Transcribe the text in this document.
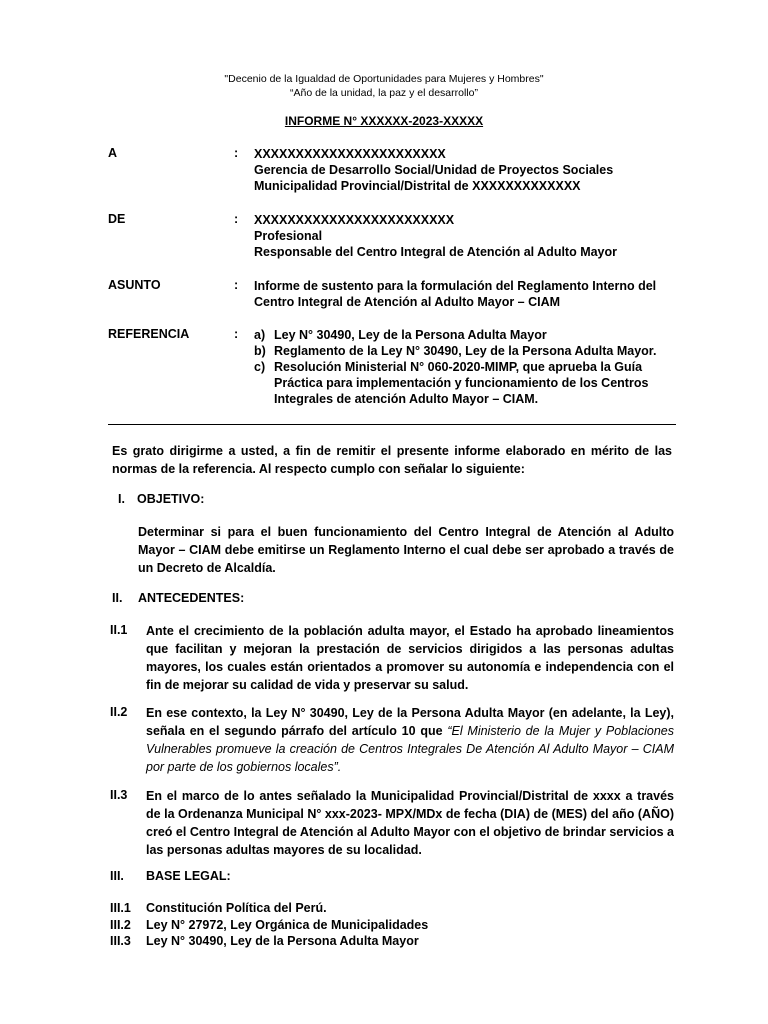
"Decenio de la Igualdad de Oportunidades para Mujeres y Hombres"
“Año de la unidad, la paz y el desarrollo”
INFORME N° XXXXXX-2023-XXXXX
A	: XXXXXXXXXXXXXXXXXXXXXXX
Gerencia de Desarrollo Social/Unidad de Proyectos Sociales
Municipalidad Provincial/Distrital de XXXXXXXXXXXXX
DE	: XXXXXXXXXXXXXXXXXXXXXXXX
Profesional
Responsable del Centro Integral de Atención al Adulto Mayor
ASUNTO	: Informe de sustento para la formulación del Reglamento Interno del
Centro Integral de Atención al Adulto Mayor – CIAM
REFERENCIA	: a) Ley N° 30490, Ley de la Persona Adulta Mayor
b) Reglamento de la Ley N° 30490, Ley de la Persona Adulta Mayor.
c) Resolución Ministerial N° 060-2020-MIMP, que aprueba la Guía
Práctica para implementación y funcionamiento de los Centros
Integrales de atención Adulto Mayor – CIAM.
Es grato dirigirme a usted, a fin de remitir el presente informe elaborado en mérito de las normas de la referencia. Al respecto cumplo con señalar lo siguiente:
I. OBJETIVO:
Determinar si para el buen funcionamiento del Centro Integral de Atención al Adulto Mayor – CIAM debe emitirse un Reglamento Interno el cual debe ser aprobado a través de un Decreto de Alcaldía.
II. ANTECEDENTES:
II.1 Ante el crecimiento de la población adulta mayor, el Estado ha aprobado lineamientos que facilitan y mejoran la prestación de servicios dirigidos a las personas adultas mayores, los cuales están orientados a promover su autonomía e independencia con el fin de mejorar su calidad de vida y preservar su salud.
II.2 En ese contexto, la Ley N° 30490, Ley de la Persona Adulta Mayor (en adelante, la Ley), señala en el segundo párrafo del artículo 10 que “El Ministerio de la Mujer y Poblaciones Vulnerables promueve la creación de Centros Integrales De Atención Al Adulto Mayor – CIAM por parte de los gobiernos locales”.
II.3 En el marco de lo antes señalado la Municipalidad Provincial/Distrital de xxxx a través de la Ordenanza Municipal N° xxx-2023- MPX/MDx de fecha (DIA) de (MES) del año (AÑO) creó el Centro Integral de Atención al Adulto Mayor con el objetivo de brindar servicios a las personas adultas mayores de su localidad.
III. BASE LEGAL:
III.1 Constitución Política del Perú.
III.2 Ley N° 27972, Ley Orgánica de Municipalidades
III.3 Ley N° 30490, Ley de la Persona Adulta Mayor
